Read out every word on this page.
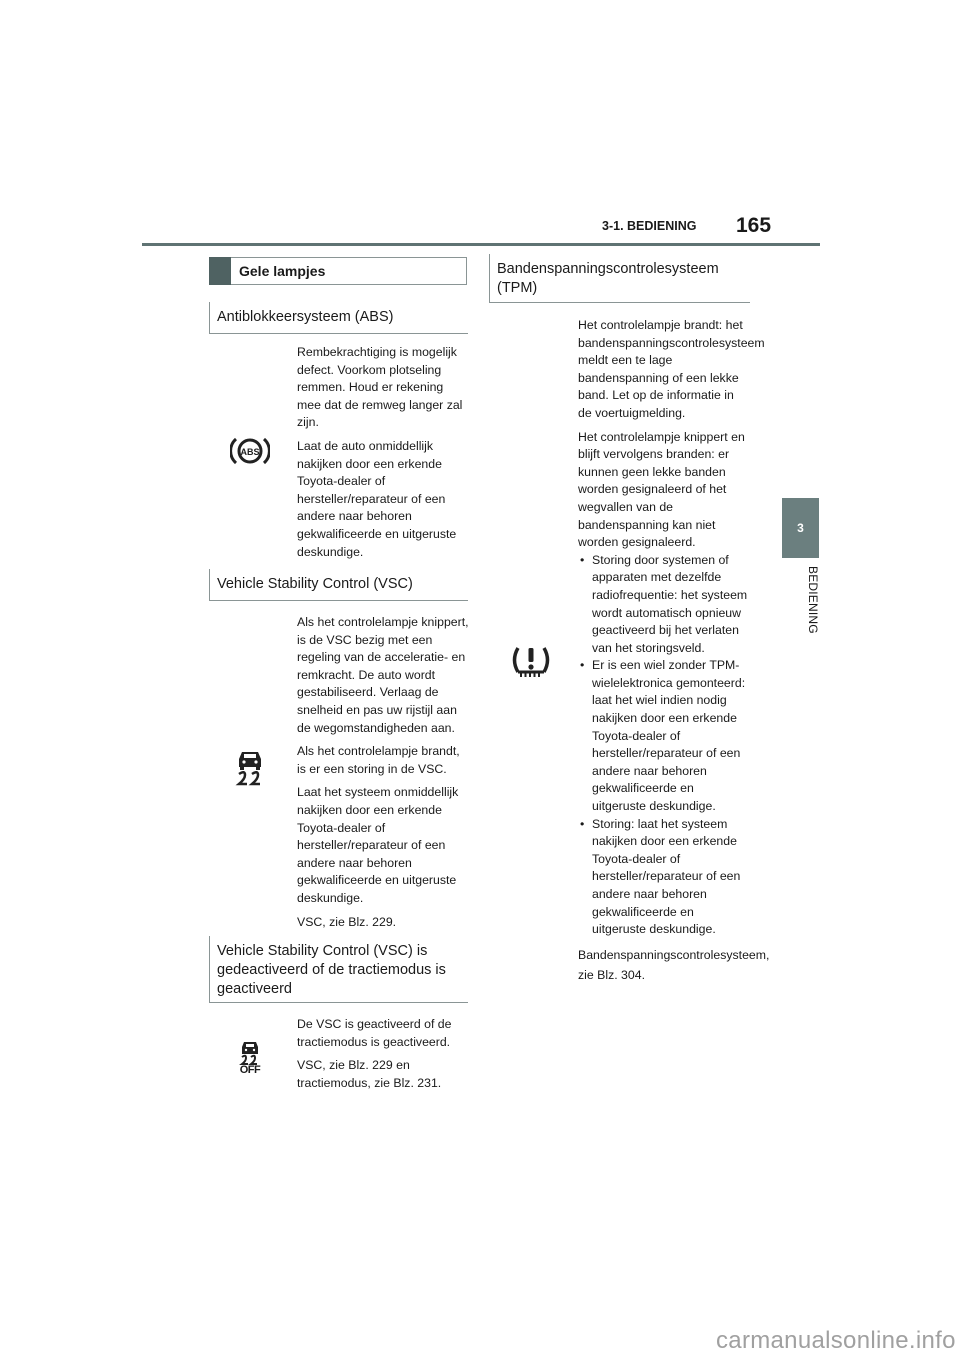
3-1. BEDIENING 165
3
BEDIENING
Gele lampjes
Antiblokkeersysteem (ABS)
ABS

Rembekrachtiging is mogelijk defect. Voorkom plotseling remmen. Houd er rekening mee dat de remweg langer zal zijn.

Laat de auto onmiddellijk nakijken door een erkende Toyota-dealer of hersteller/reparateur of een andere naar behoren gekwalificeerde en uitgeruste deskundige.

Vehicle Stability Control (VSC)

Als het controlelampje knippert, is de VSC bezig met een regeling van de acceleratie- en remkracht. De auto wordt gestabiliseerd. Verlaag de snelheid en pas uw rijstijl aan de wegomstandigheden aan.

Als het controlelampje brandt, is er een storing in de VSC.

Laat het systeem onmiddellijk nakijken door een erkende Toyota-dealer of hersteller/reparateur of een andere naar behoren gekwalificeerde en uitgeruste deskundige.

VSC, zie Blz. 229.

Vehicle Stability Control (VSC) is gedeactiveerd of de tractiemodus is geactiveerd
OFF

De VSC is geactiveerd of de tractiemodus is geactiveerd.

VSC, zie Blz. 229 en tractiemodus, zie Blz. 231.

Bandenspanningscontrolesysteem (TPM)

Het controlelampje brandt: het bandenspanningscontrolesysteem meldt een te lage bandenspanning of een lekke band. Let op de informatie in de voertuigmelding.

Het controlelampje knippert en blijft vervolgens branden: er kunnen geen lekke banden worden gesignaleerd of het wegvallen van de bandenspanning kan niet worden gesignaleerd.

• Storing door systemen of apparaten met dezelfde radiofrequentie: het systeem wordt automatisch opnieuw geactiveerd bij het verlaten van het storingsveld.
• Er is een wiel zonder TPM-wielelektronica gemonteerd: laat het wiel indien nodig nakijken door een erkende Toyota-dealer of hersteller/reparateur of een andere naar behoren gekwalificeerde en uitgeruste deskundige.
• Storing: laat het systeem nakijken door een erkende Toyota-dealer of hersteller/reparateur of een andere naar behoren gekwalificeerde en uitgeruste deskundige.

Bandenspanningscontrolesysteem, zie Blz. 304.

carmanualsonline.info
